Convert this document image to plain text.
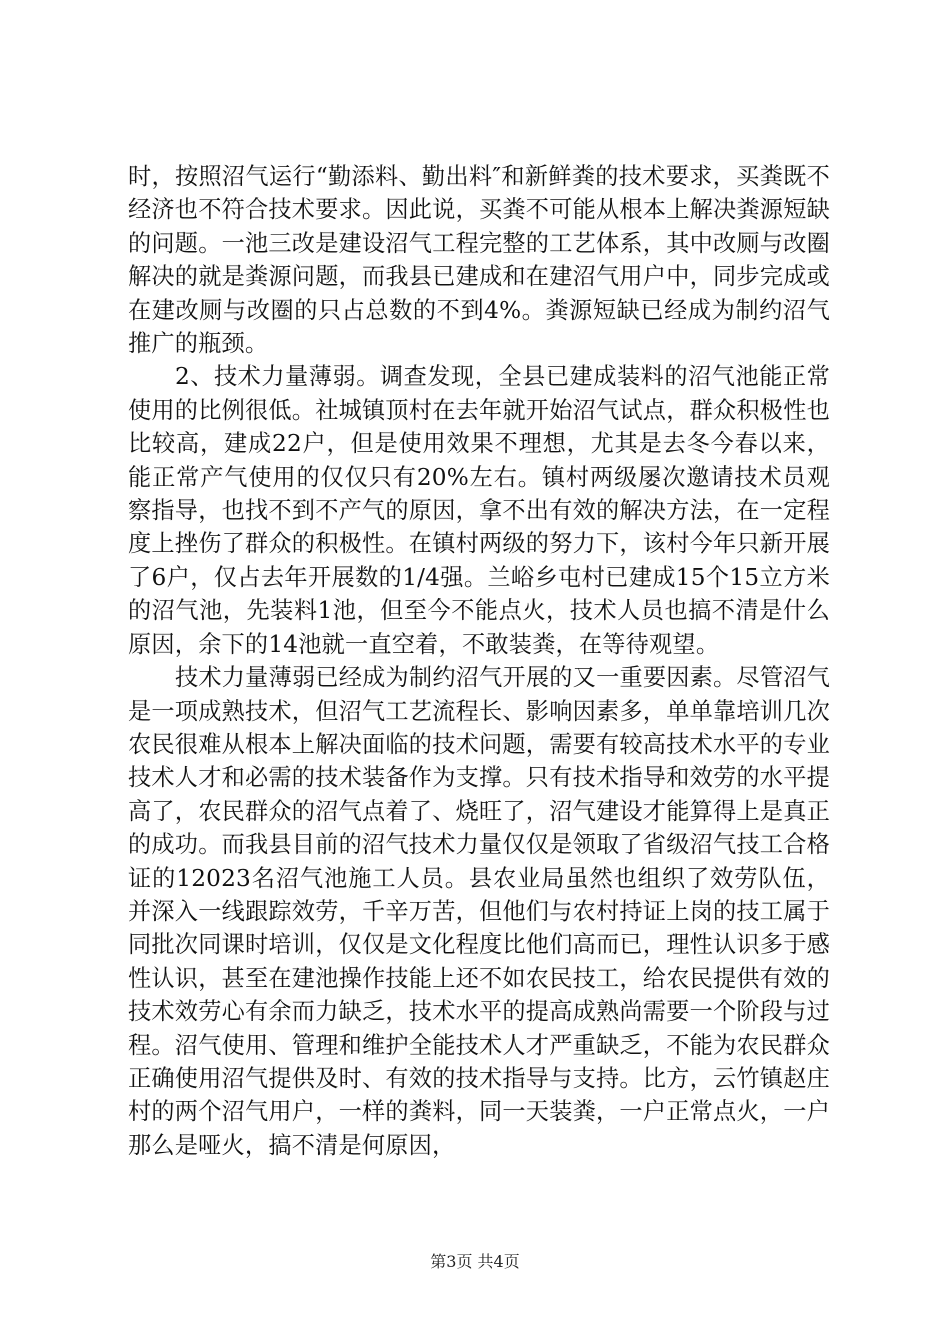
时，按照沼气运行“勤添料、勤出料″和新鲜粪的技术要求，买粪既不经济也不符合技术要求。因此说，买粪不可能从根本上解决粪源短缺的问题。一池三改是建设沼气工程完整的工艺体系，其中改厕与改圈解决的就是粪源问题，而我县已建成和在建沼气用户中，同步完成或在建改厕与改圈的只占总数的不到4%。粪源短缺已经成为制约沼气推广的瓶颈。

2、技术力量薄弱。调查发现，全县已建成装料的沼气池能正常使用的比例很低。社城镇顶村在去年就开始沼气试点，群众积极性也比较高，建成22户，但是使用效果不理想，尤其是去冬今春以来，能正常产气使用的仅仅只有20%左右。镇村两级屡次邀请技术员观察指导，也找不到不产气的原因，拿不出有效的解决方法，在一定程度上挫伤了群众的积极性。在镇村两级的努力下，该村今年只新开展了6户，仅占去年开展数的1/4强。兰峪乡屯村已建成15个15立方米的沼气池，先装料1池，但至今不能点火，技术人员也搞不清是什么原因，余下的14池就一直空着，不敢装粪，在等待观望。

技术力量薄弱已经成为制约沼气开展的又一重要因素。尽管沼气是一项成熟技术，但沼气工艺流程长、影响因素多，单单靠培训几次农民很难从根本上解决面临的技术问题，需要有较高技术水平的专业技术人才和必需的技术装备作为支撑。只有技术指导和效劳的水平提高了，农民群众的沼气点着了、烧旺了，沼气建设才能算得上是真正的成功。而我县目前的沼气技术力量仅仅是领取了省级沼气技工合格证的12023名沼气池施工人员。县农业局虽然也组织了效劳队伍，并深入一线跟踪效劳，千辛万苦，但他们与农村持证上岗的技工属于同批次同课时培训，仅仅是文化程度比他们高而已，理性认识多于感性认识，甚至在建池操作技能上还不如农民技工，给农民提供有效的技术效劳心有余而力缺乏，技术水平的提高成熟尚需要一个阶段与过程。沼气使用、管理和维护全能技术人才严重缺乏，不能为农民群众正确使用沼气提供及时、有效的技术指导与支持。比方，云竹镇赵庄村的两个沼气用户，一样的粪料，同一天装粪，一户正常点火，一户那么是哑火，搞不清是何原因，

第3页 共4页
